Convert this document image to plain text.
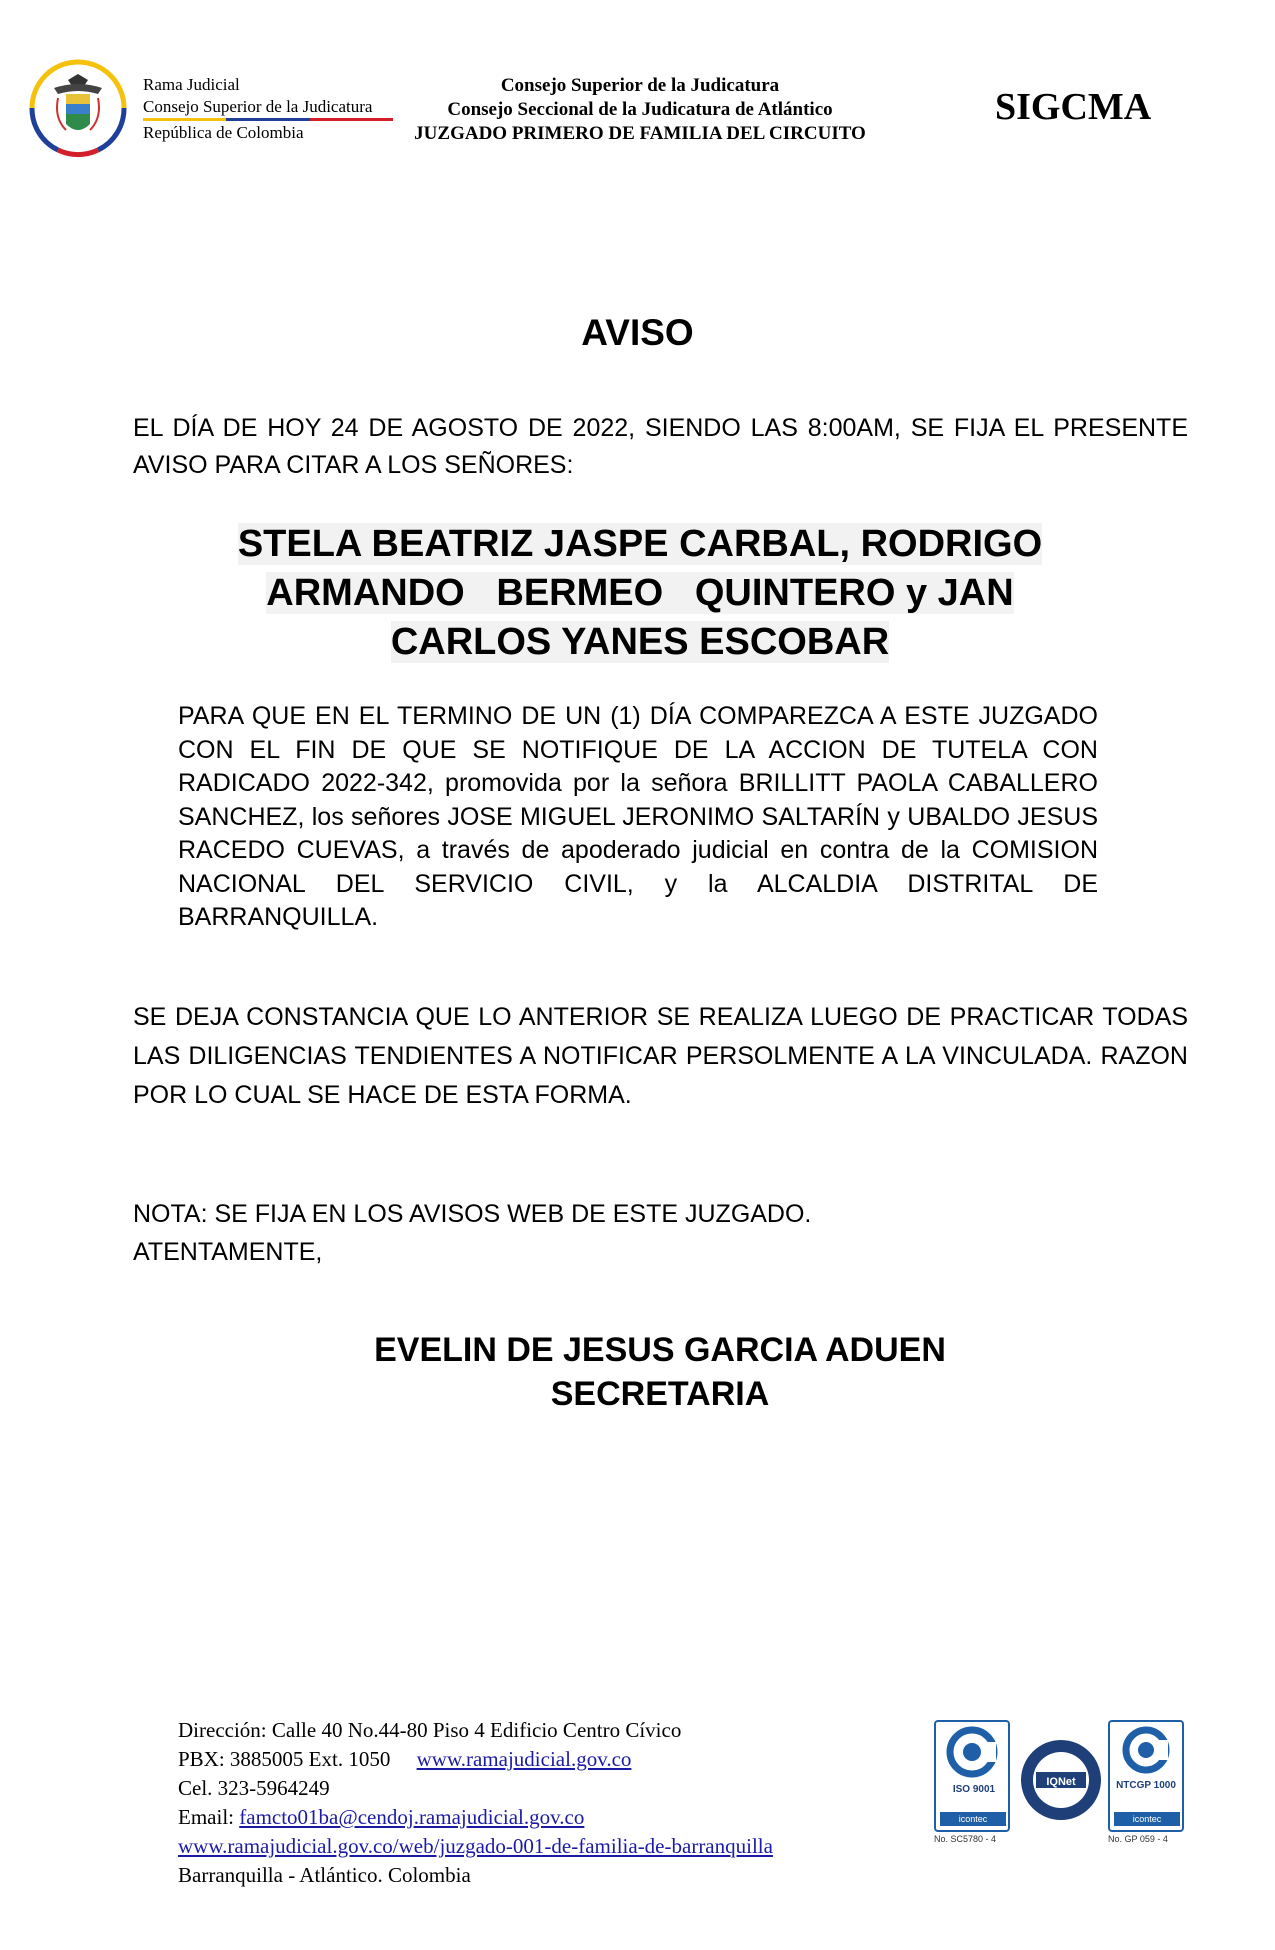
Rama Judicial
Consejo Superior de la Judicatura
República de Colombia
Consejo Superior de la Judicatura
Consejo Seccional de la Judicatura de Atlántico
JUZGADO PRIMERO DE FAMILIA DEL CIRCUITO
SIGCMA
AVISO
EL DÍA DE HOY 24 DE AGOSTO DE 2022, SIENDO LAS 8:00AM, SE FIJA EL PRESENTE AVISO PARA CITAR A LOS SEÑORES:
STELA BEATRIZ JASPE CARBAL, RODRIGO
ARMANDO   BERMEO   QUINTERO y JAN
CARLOS YANES ESCOBAR
PARA QUE EN EL TERMINO DE UN (1) DÍA COMPAREZCA A ESTE JUZGADO CON EL FIN DE QUE SE NOTIFIQUE DE LA ACCION DE TUTELA CON RADICADO 2022-342, promovida por la señora BRILLITT PAOLA CABALLERO SANCHEZ, los señores JOSE MIGUEL JERONIMO SALTARÍN y UBALDO JESUS RACEDO CUEVAS, a través de apoderado judicial en contra de la COMISION NACIONAL DEL SERVICIO CIVIL, y la ALCALDIA DISTRITAL DE BARRANQUILLA.
SE DEJA CONSTANCIA QUE LO ANTERIOR SE REALIZA LUEGO DE PRACTICAR TODAS LAS DILIGENCIAS TENDIENTES A NOTIFICAR PERSOLMENTE A LA VINCULADA. RAZON POR LO CUAL SE HACE DE ESTA FORMA.
NOTA: SE FIJA EN LOS AVISOS WEB DE ESTE JUZGADO.
ATENTAMENTE,
EVELIN DE JESUS GARCIA ADUEN
SECRETARIA
Dirección: Calle 40 No.44-80 Piso 4 Edificio Centro Cívico
PBX: 3885005 Ext. 1050 www.ramajudicial.gov.co
Cel. 323-5964249
Email: famcto01ba@cendoj.ramajudicial.gov.co
www.ramajudicial.gov.co/web/juzgado-001-de-familia-de-barranquilla
Barranquilla - Atlántico. Colombia
ISO 9001
icontec
No. SC5780 - 4
IQNet	NTCGP 1000
icontec
No. GP 059 - 4
